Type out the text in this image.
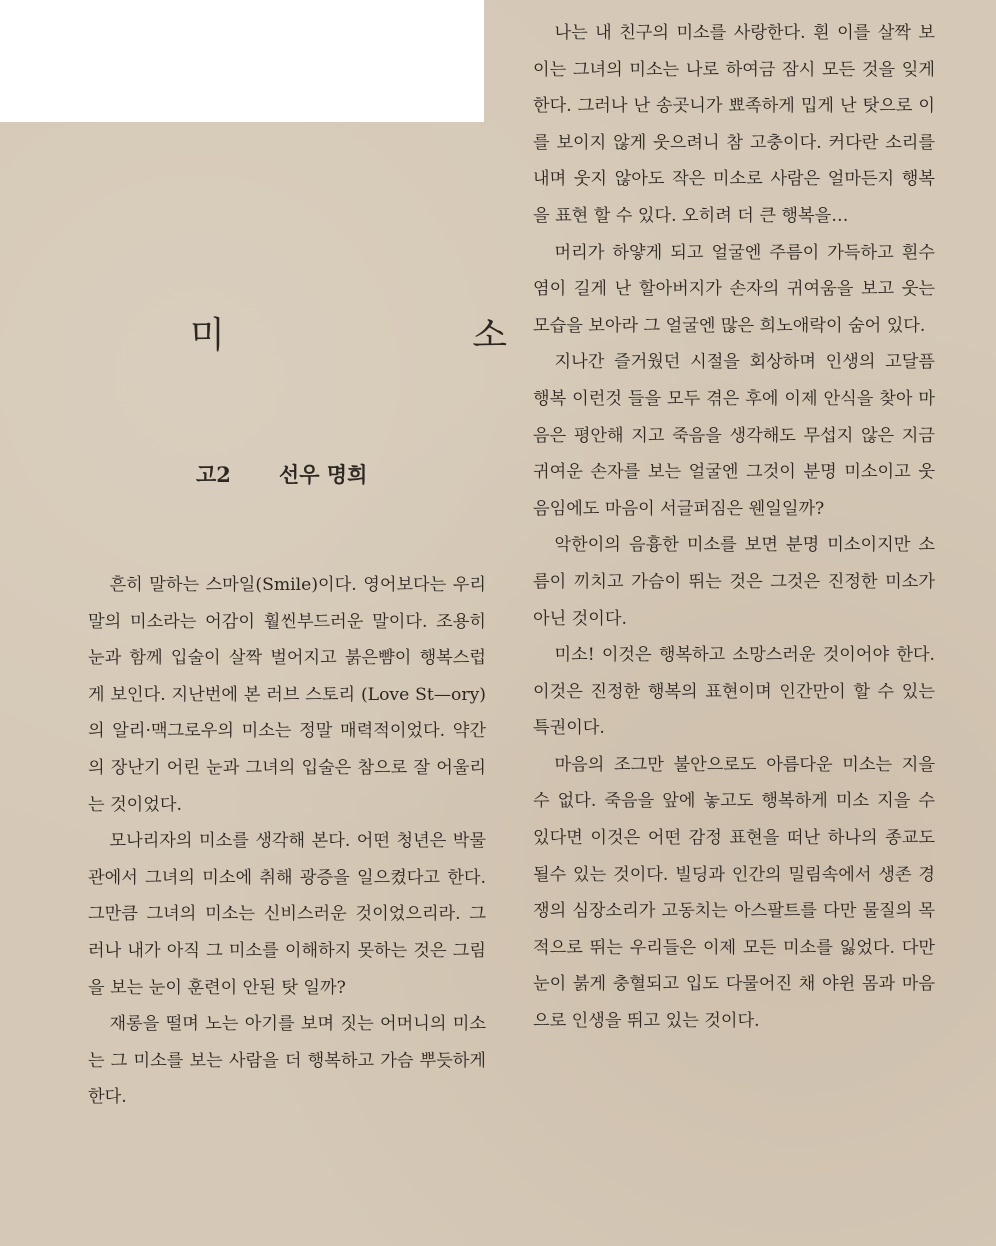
미 소
고2 선우 명희

흔히 말하는 스마일(Smile)이다. 영어보다는 우리말의 미소라는 어감이 훨씬부드러운 말이다. 조용히 눈과 함께 입술이 살짝 벌어지고 붉은뺨이 행복스럽게 보인다. 지난번에 본 러브 스토리 (Love St—ory)의 알리·맥그로우의 미소는 정말 매력적이었다. 약간의 장난기 어린 눈과 그녀의 입술은 참으로 잘 어울리는 것이었다.

모나리자의 미소를 생각해 본다. 어떤 청년은 박물관에서 그녀의 미소에 취해 광증을 일으켰다고 한다. 그만큼 그녀의 미소는 신비스러운 것이었으리라. 그러나 내가 아직 그 미소를 이해하지 못하는 것은 그림을 보는 눈이 훈련이 안된 탓 일까?

재롱을 떨며 노는 아기를 보며 짓는 어머니의 미소는 그 미소를 보는 사람을 더 행복하고 가슴 뿌듯하게 한다.

나는 내 친구의 미소를 사랑한다. 흰 이를 살짝 보이는 그녀의 미소는 나로 하여금 잠시 모든 것을 잊게 한다. 그러나 난 송곳니가 뾰족하게 밉게 난 탓으로 이를 보이지 않게 웃으려니 참 고충이다. 커다란 소리를 내며 웃지 않아도 작은 미소로 사람은 얼마든지 행복을 표현 할 수 있다. 오히려 더 큰 행복을…

머리가 하얗게 되고 얼굴엔 주름이 가득하고 흰수염이 길게 난 할아버지가 손자의 귀여움을 보고 웃는 모습을 보아라 그 얼굴엔 많은 희노애락이 숨어 있다.

지나간 즐거웠던 시절을 회상하며 인생의 고달픔 행복 이런것 들을 모두 겪은 후에 이제 안식을 찾아 마음은 평안해 지고 죽음을 생각해도 무섭지 않은 지금 귀여운 손자를 보는 얼굴엔 그것이 분명 미소이고 웃음임에도 마음이 서글퍼짐은 웬일일까?

악한이의 음흉한 미소를 보면 분명 미소이지만 소름이 끼치고 가슴이 뛰는 것은 그것은 진정한 미소가 아닌 것이다.

미소! 이것은 행복하고 소망스러운 것이어야 한다. 이것은 진정한 행복의 표현이며 인간만이 할 수 있는 특권이다.

마음의 조그만 불안으로도 아름다운 미소는 지을 수 없다. 죽음을 앞에 놓고도 행복하게 미소 지을 수 있다면 이것은 어떤 감정 표현을 떠난 하나의 종교도 될수 있는 것이다. 빌딩과 인간의 밀림속에서 생존 경쟁의 심장소리가 고동치는 아스팔트를 다만 물질의 목적으로 뛰는 우리들은 이제 모든 미소를 잃었다. 다만 눈이 붉게 충혈되고 입도 다물어진 채 야윈 몸과 마음으로 인생을 뛰고 있는 것이다.
